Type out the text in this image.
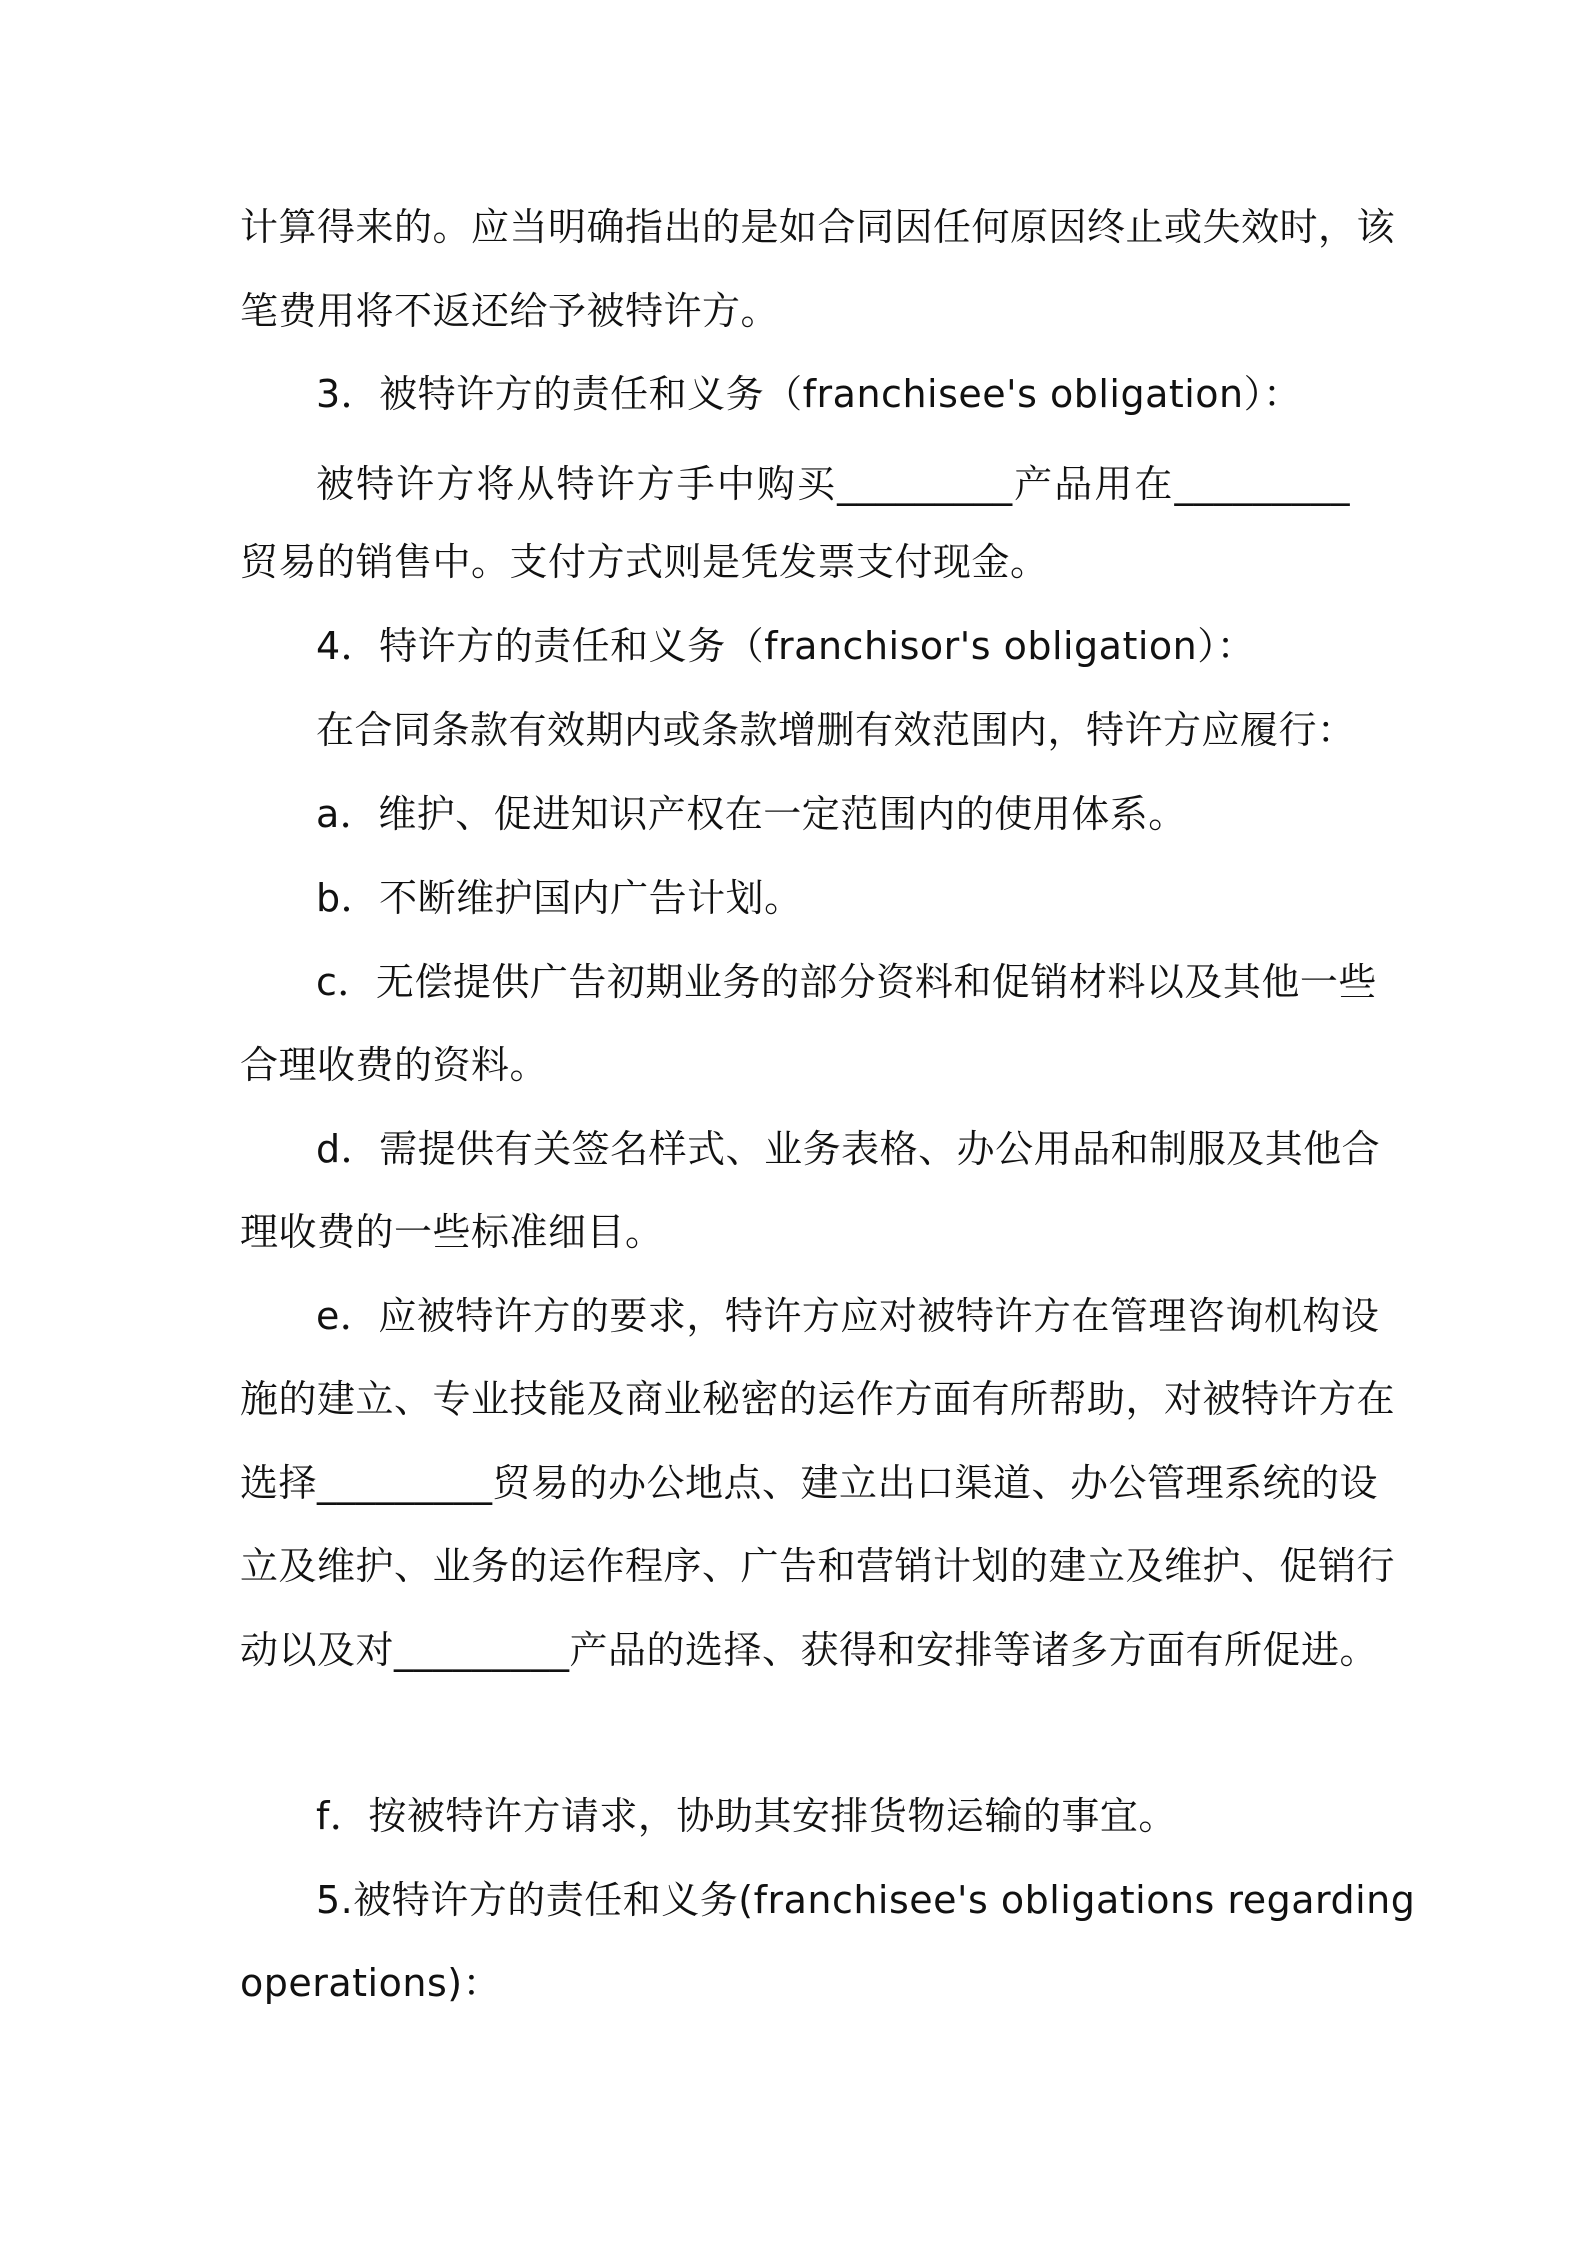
计算得来的。应当明确指出的是如合同因任何原因终止或失效时，该
笔费用将不返还给予被特许方。
3．被特许方的责任和义务（franchisee's obligation）：
被特许方将从特许方手中购买_________产品用在_________
贸易的销售中。支付方式则是凭发票支付现金。
4．特许方的责任和义务（franchisor's obligation）：
在合同条款有效期内或条款增删有效范围内，特许方应履行：
a．维护、促进知识产权在一定范围内的使用体系。
b．不断维护国内广告计划。
c．无偿提供广告初期业务的部分资料和促销材料以及其他一些
合理收费的资料。
d．需提供有关签名样式、业务表格、办公用品和制服及其他合
理收费的一些标准细目。
e．应被特许方的要求，特许方应对被特许方在管理咨询机构设
施的建立、专业技能及商业秘密的运作方面有所帮助，对被特许方在
选择_________贸易的办公地点、建立出口渠道、办公管理系统的设
立及维护、业务的运作程序、广告和营销计划的建立及维护、促销行
动以及对_________产品的选择、获得和安排等诸多方面有所促进。
f．按被特许方请求，协助其安排货物运输的事宜。
5.被特许方的责任和义务(franchisee's obligations regarding
operations)：
